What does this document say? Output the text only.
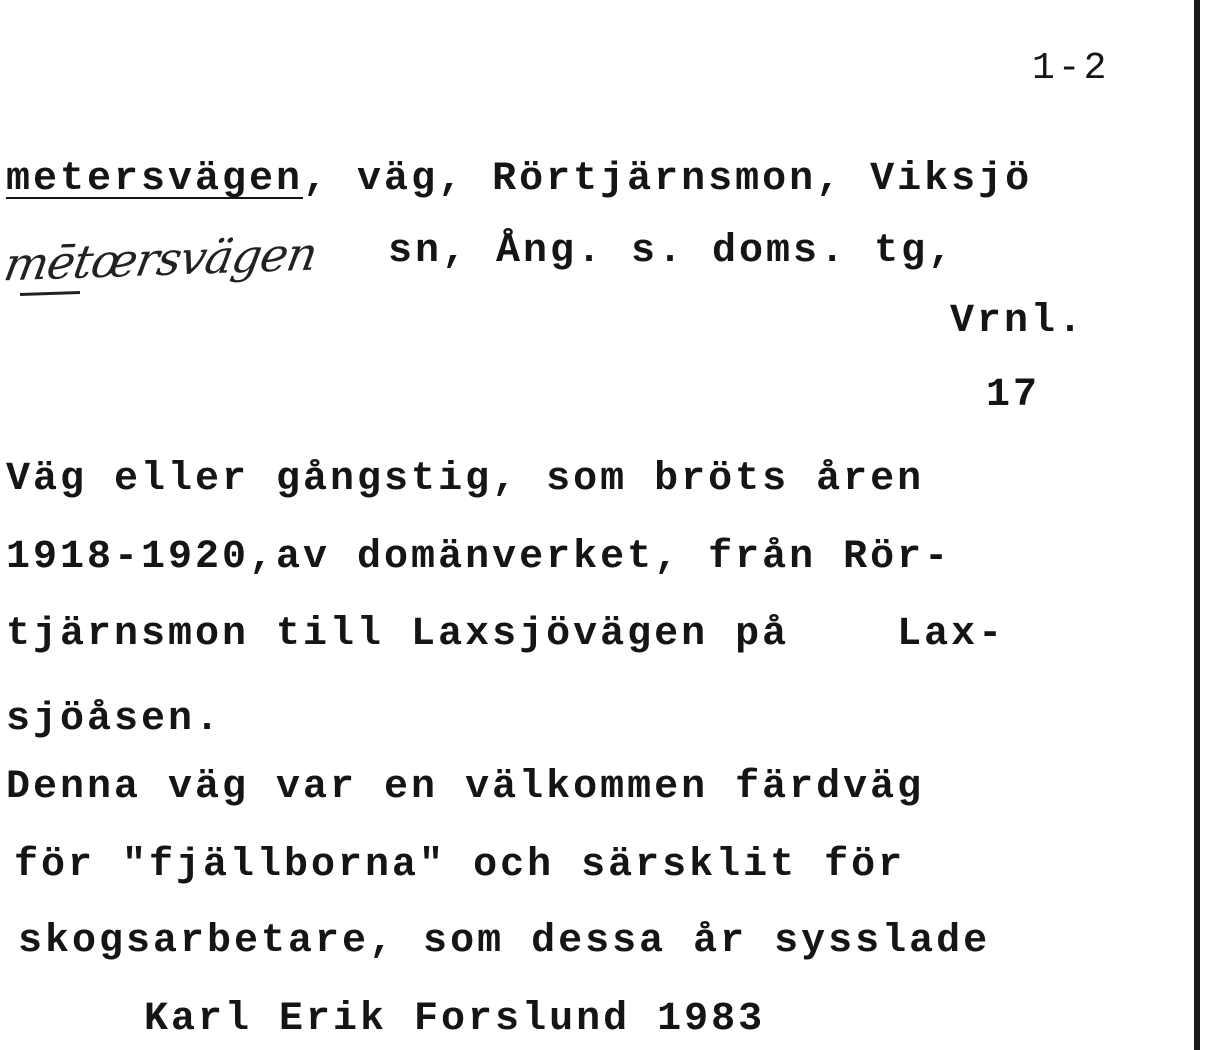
1-2
metersvägen, väg, Rörtjärnsmon, Viksjö
mētœrsvägen sn, Ång. s. doms. tg,
Vrnl.
17
Väg eller gångstig, som bröts åren
1918-1920,av domänverket, från Rör-
tjärnsmon till Laxsjövägen på    Lax-
sjöåsen.
Denna väg var en välkommen färdväg
för "fjällborna" och särsklit för
skogsarbetare, som dessa år sysslade
Karl Erik Forslund 1983
